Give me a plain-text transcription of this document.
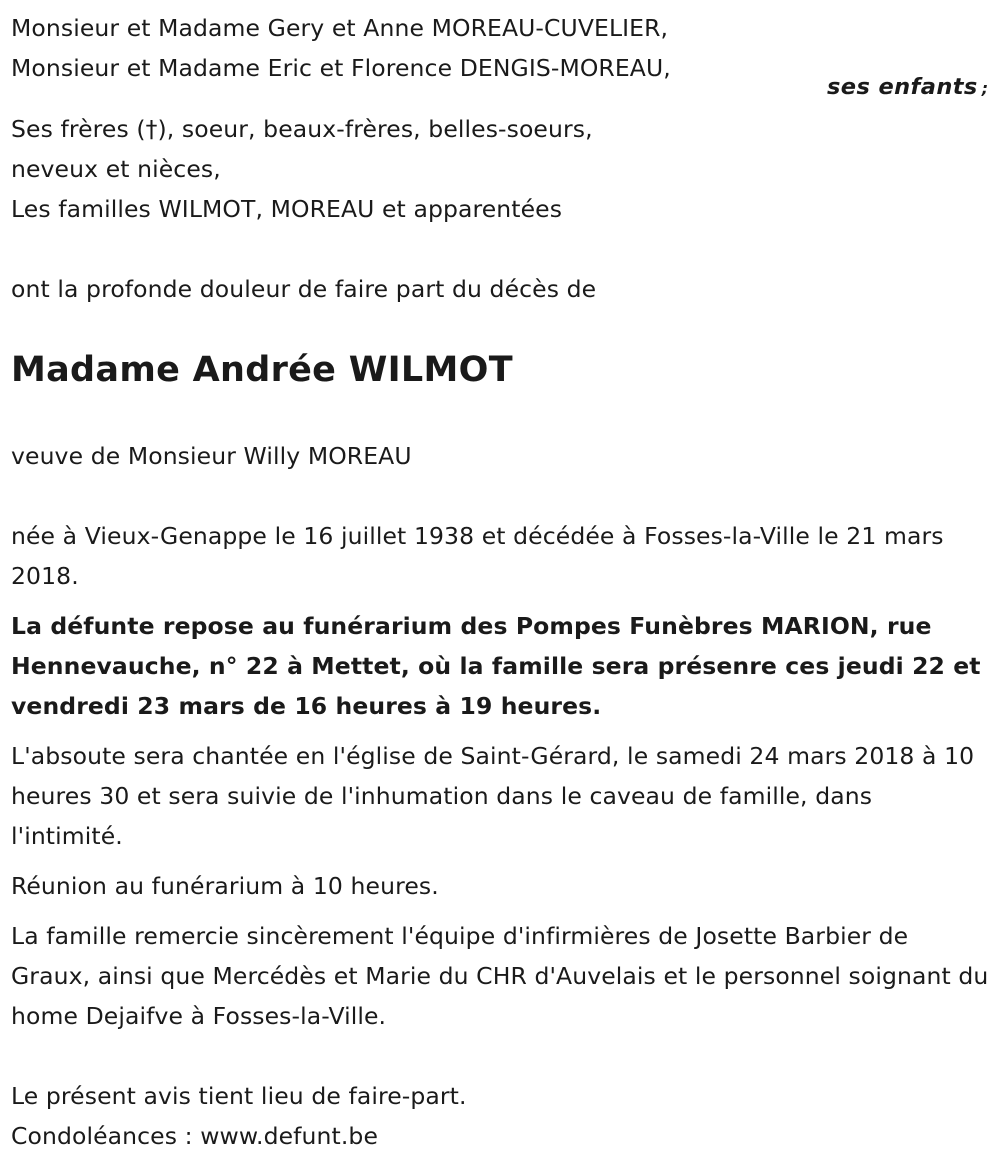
Monsieur et Madame Gery et Anne MOREAU-CUVELIER,
Monsieur et Madame Eric et Florence DENGIS-MOREAU,
ses enfants ;
Ses frères (†), soeur, beaux-frères, belles-soeurs,
neveux et nièces,
Les familles WILMOT, MOREAU et apparentées
ont la profonde douleur de faire part du décès de
Madame Andrée WILMOT
veuve de Monsieur Willy MOREAU
née à Vieux-Genappe le 16 juillet 1938 et décédée à Fosses-la-Ville le 21 mars 2018.
La défunte repose au funérarium des Pompes Funèbres MARION, rue Hennevauche, n° 22 à Mettet, où la famille sera présenre ces jeudi 22 et vendredi 23 mars de 16 heures à 19 heures.
L'absoute sera chantée en l'église de Saint-Gérard, le samedi 24 mars 2018 à 10 heures 30 et sera suivie de l'inhumation dans le caveau de famille, dans l'intimité.
Réunion au funérarium à 10 heures.
La famille remercie sincèrement l'équipe d'infirmières de Josette Barbier de Graux, ainsi que Mercédès et Marie du CHR d'Auvelais et le personnel soignant du home Dejaifve à Fosses-la-Ville.
Le présent avis tient lieu de faire-part.
Condoléances : www.defunt.be
